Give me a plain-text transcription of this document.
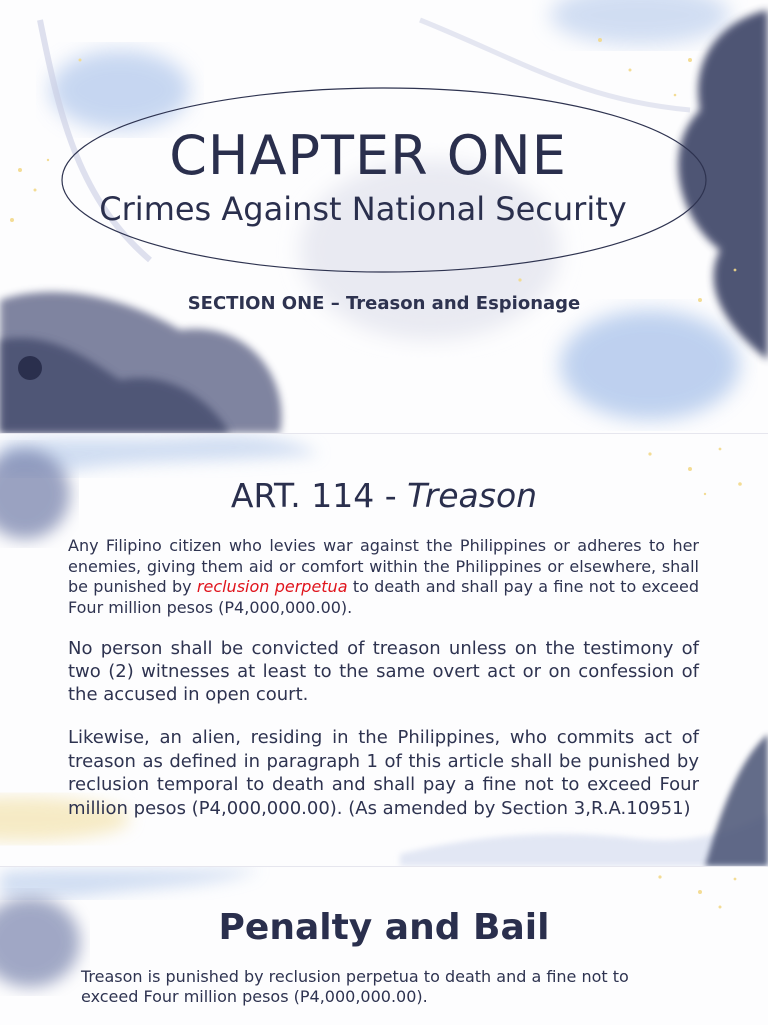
CHAPTER ONE
Crimes Against National Security
SECTION ONE – Treason and Espionage
ART. 114 - Treason
Any Filipino citizen who levies war against the Philippines or adheres to her enemies, giving them aid or comfort within the Philippines or elsewhere, shall be punished by reclusion perpetua to death and shall pay a fine not to exceed Four million pesos (P4,000,000.00).
No person shall be convicted of treason unless on the testimony of two (2) witnesses at least to the same overt act or on confession of the accused in open court.
Likewise, an alien, residing in the Philippines, who commits act of treason as defined in paragraph 1 of this article shall be punished by reclusion temporal to death and shall pay a fine not to exceed Four million pesos (P4,000,000.00). (As amended by Section 3,R.A.10951)
Penalty and Bail
Treason is punished by reclusion perpetua to death and a fine not to exceed Four million pesos (P4,000,000.00).
